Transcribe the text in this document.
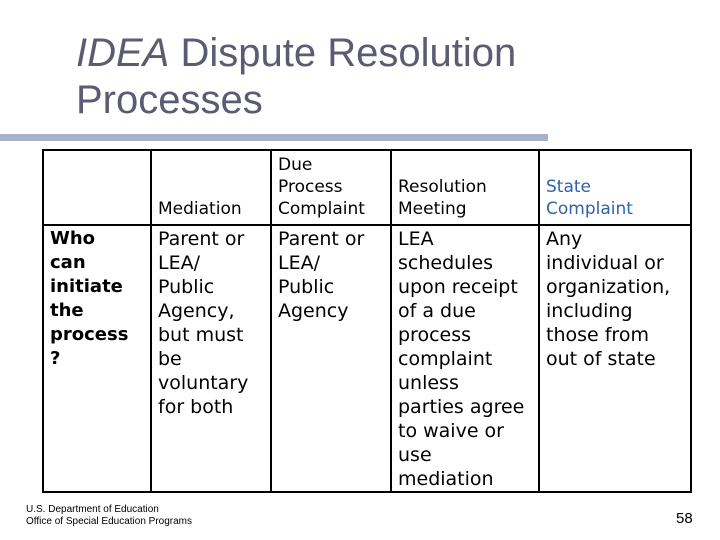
IDEA Dispute Resolution Processes
Mediation
Due
Process
Complaint
Resolution
Meeting
State
Complaint
Who
can
initiate
the
process
?
Parent or
LEA/
Public
Agency,
but must
be
voluntary
for both
Parent or
LEA/
Public
Agency
LEA
schedules
upon receipt
of a due
process
complaint
unless
parties agree
to waive or
use
mediation
Any
individual or
organization,
including
those from
out of state
U.S. Department of Education
Office of Special Education Programs	58
